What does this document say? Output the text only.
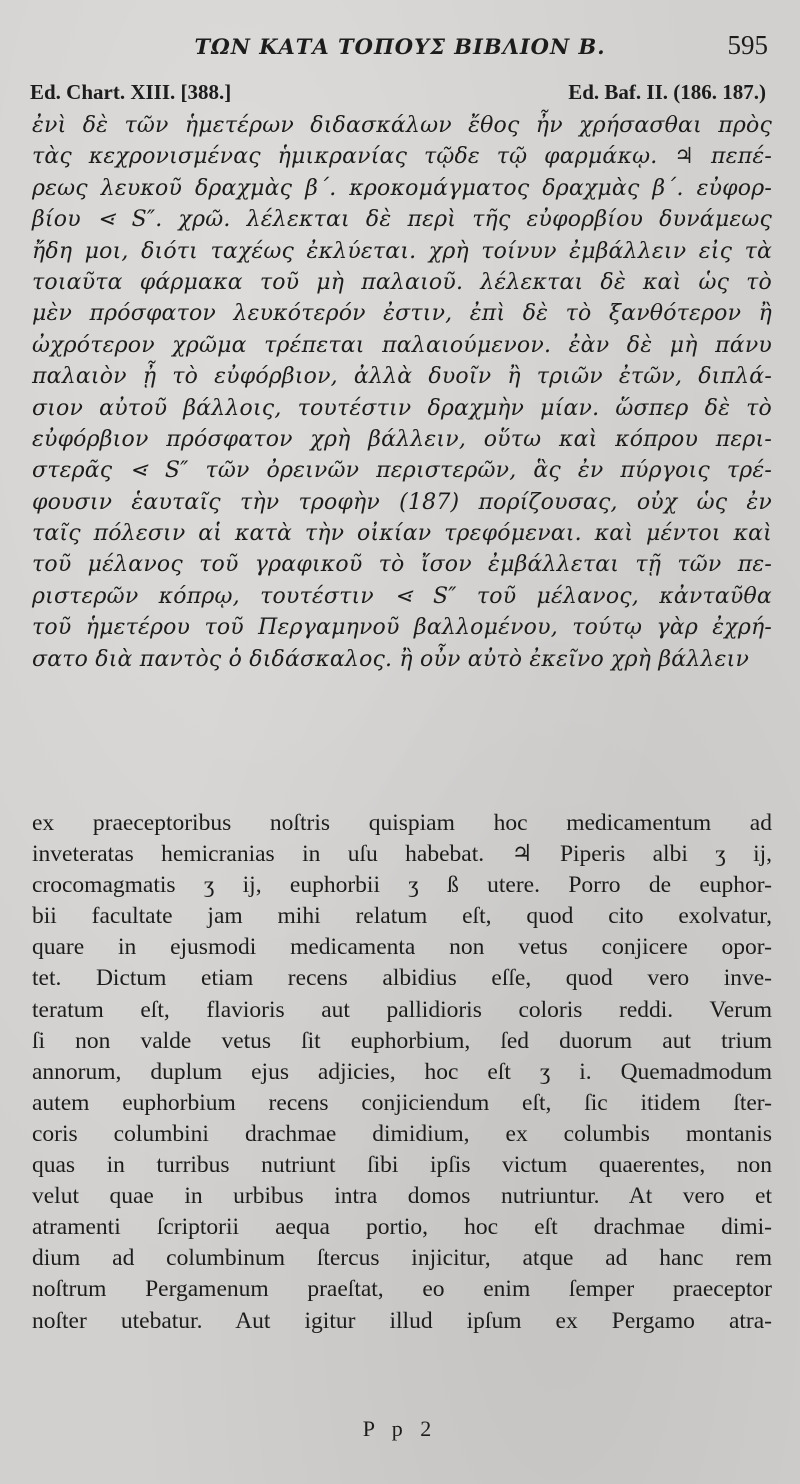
ΤΩΝ ΚΑΤΑ ΤΟΠΟΥΣ ΒΙΒΛΙΟΝ Β.	595
Ed. Chart. XIII. [388.]	Ed. Baf. II. (186. 187.)
ἐνὶ δὲ τῶν ἡμετέρων διδασκάλων ἔθος ἦν χρήσασθαι πρὸς
τὰς κεχρονισμένας ἡμικρανίας τῷδε τῷ φαρμάκῳ. ♃ πεπέ-
ρεως λευκοῦ δραχμὰς β΄. κροκομάγματος δραχμὰς β΄. εὐφορ-
βίου ⋖ S″. χρῶ. λέλεκται δὲ περὶ τῆς εὐφορβίου δυνάμεως
ἤδη μοι, διότι ταχέως ἐκλύεται. χρὴ τοίνυν ἐμβάλλειν εἰς τὰ
τοιαῦτα φάρμακα τοῦ μὴ παλαιοῦ. λέλεκται δὲ καὶ ὡς τὸ
μὲν πρόσφατον λευκότερόν ἐστιν, ἐπὶ δὲ τὸ ξανθότερον ἢ
ὠχρότερον χρῶμα τρέπεται παλαιούμενον. ἐὰν δὲ μὴ πάνυ
παλαιὸν ᾖ τὸ εὐφόρβιον, ἀλλὰ δυοῖν ἢ τριῶν ἐτῶν, διπλά-
σιον αὐτοῦ βάλλοις, τουτέστιν δραχμὴν μίαν. ὥσπερ δὲ τὸ
εὐφόρβιον πρόσφατον χρὴ βάλλειν, οὕτω καὶ κόπρου περι-
στερᾶς ⋖ S″ τῶν ὀρεινῶν περιστερῶν, ἃς ἐν πύργοις τρέ-
φουσιν ἑαυταῖς τὴν τροφὴν (187) πορίζουσας, οὐχ ὡς ἐν
ταῖς πόλεσιν αἱ κατὰ τὴν οἰκίαν τρεφόμεναι. καὶ μέντοι καὶ
τοῦ μέλανος τοῦ γραφικοῦ τὸ ἴσον ἐμβάλλεται τῇ τῶν πε-
ριστερῶν κόπρῳ, τουτέστιν ⋖ S″ τοῦ μέλανος, κἀνταῦθα
τοῦ ἡμετέρου τοῦ Περγαμηνοῦ βαλλομένου, τούτῳ γὰρ ἐχρή-
σατο διὰ παντὸς ὁ διδάσκαλος. ἢ οὖν αὐτὸ ἐκεῖνο χρὴ βάλλειν
ex praeceptoribus noſtris quispiam hoc medicamentum ad
inveteratas hemicranias in uſu habebat. ♃ Piperis albi ʒ ij,
crocomagmatis ʒ ij, euphorbii ʒ ß utere. Porro de euphor-
bii facultate jam mihi relatum eſt, quod cito exolvatur,
quare in ejusmodi medicamenta non vetus conjicere opor-
tet. Dictum etiam recens albidius eſſe, quod vero inve-
teratum eſt, flavioris aut pallidioris coloris reddi. Verum
ſi non valde vetus ſit euphorbium, ſed duorum aut trium
annorum, duplum ejus adjicies, hoc eſt ʒ i. Quemadmodum
autem euphorbium recens conjiciendum eſt, ſic itidem ſter-
coris columbini drachmae dimidium, ex columbis montanis
quas in turribus nutriunt ſibi ipſis victum quaerentes, non
velut quae in urbibus intra domos nutriuntur. At vero et
atramenti ſcriptorii aequa portio, hoc eſt drachmae dimi-
dium ad columbinum ſtercus injicitur, atque ad hanc rem
noſtrum Pergamenum praeſtat, eo enim ſemper praeceptor
noſter utebatur. Aut igitur illud ipſum ex Pergamo atra-
P p 2
